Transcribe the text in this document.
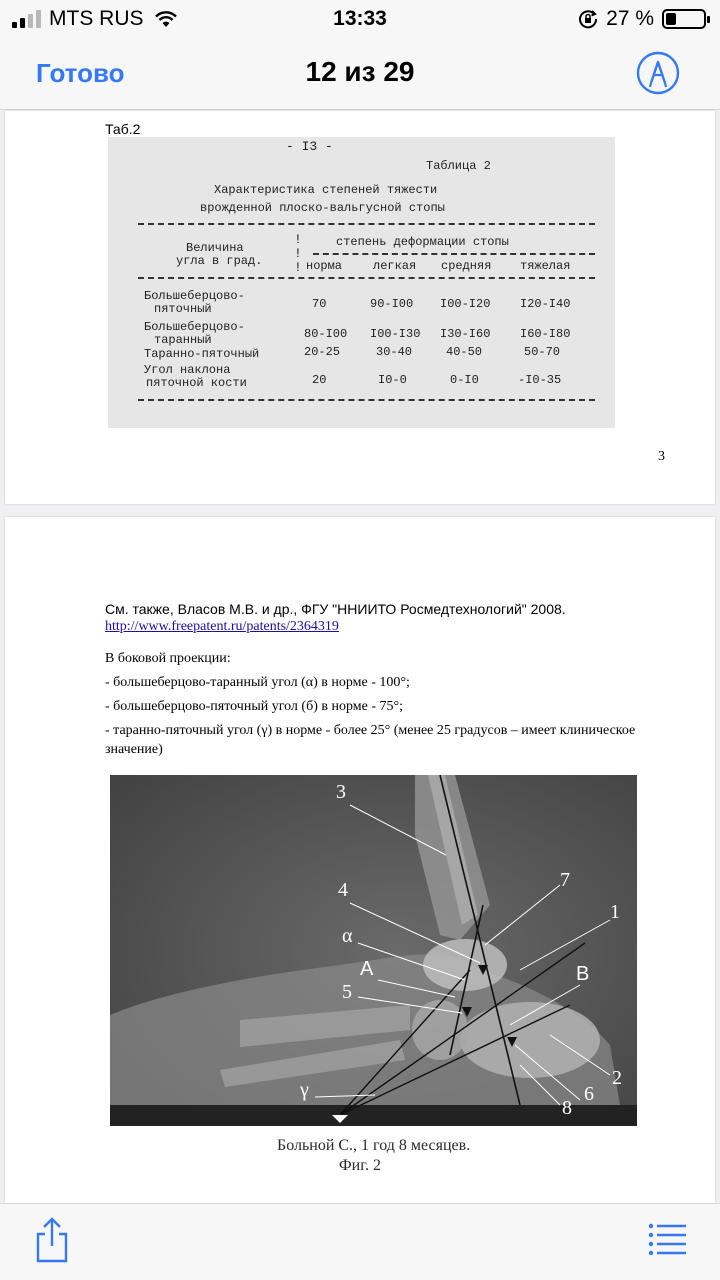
MTS RUS	13:33	27 %
Готово	12 из 29
Таб.2
- I3 -
Таблица 2
Характеристика степеней тяжести
врожденной плоско-вальгусной стопы
Величина
угла в град.
!
!
!
степень деформации стопы
норма	легкая средняя тяжелая
Большеберцово-
пяточный	70	90-I00 I00-I20 I20-I40
Большеберцово-
таранный	80-I00 I00-I30 I30-I60 I60-I80
Таранно-пяточный	20-25	30-40	40-50	50-70
Угол наклона
пяточной кости	20	I0-0	0-I0	-I0-35
3
См. также, Власов М.В. и др., ФГУ "ННИИТО Росмедтехнологий" 2008.
http://www.freepatent.ru/patents/2364319
В боковой проекции:
- большеберцово-таранный угол (α) в норме - 100°;
- большеберцово-пяточный угол (б) в норме - 75°;
- таранно-пяточный угол (γ) в норме - более 25° (менее 25 градусов – имеет клиническое
значение)
3
4
α
A
5
γ
7
1
B
6
2
8
Больной С., 1 год 8 месяцев.
Фиг. 2
